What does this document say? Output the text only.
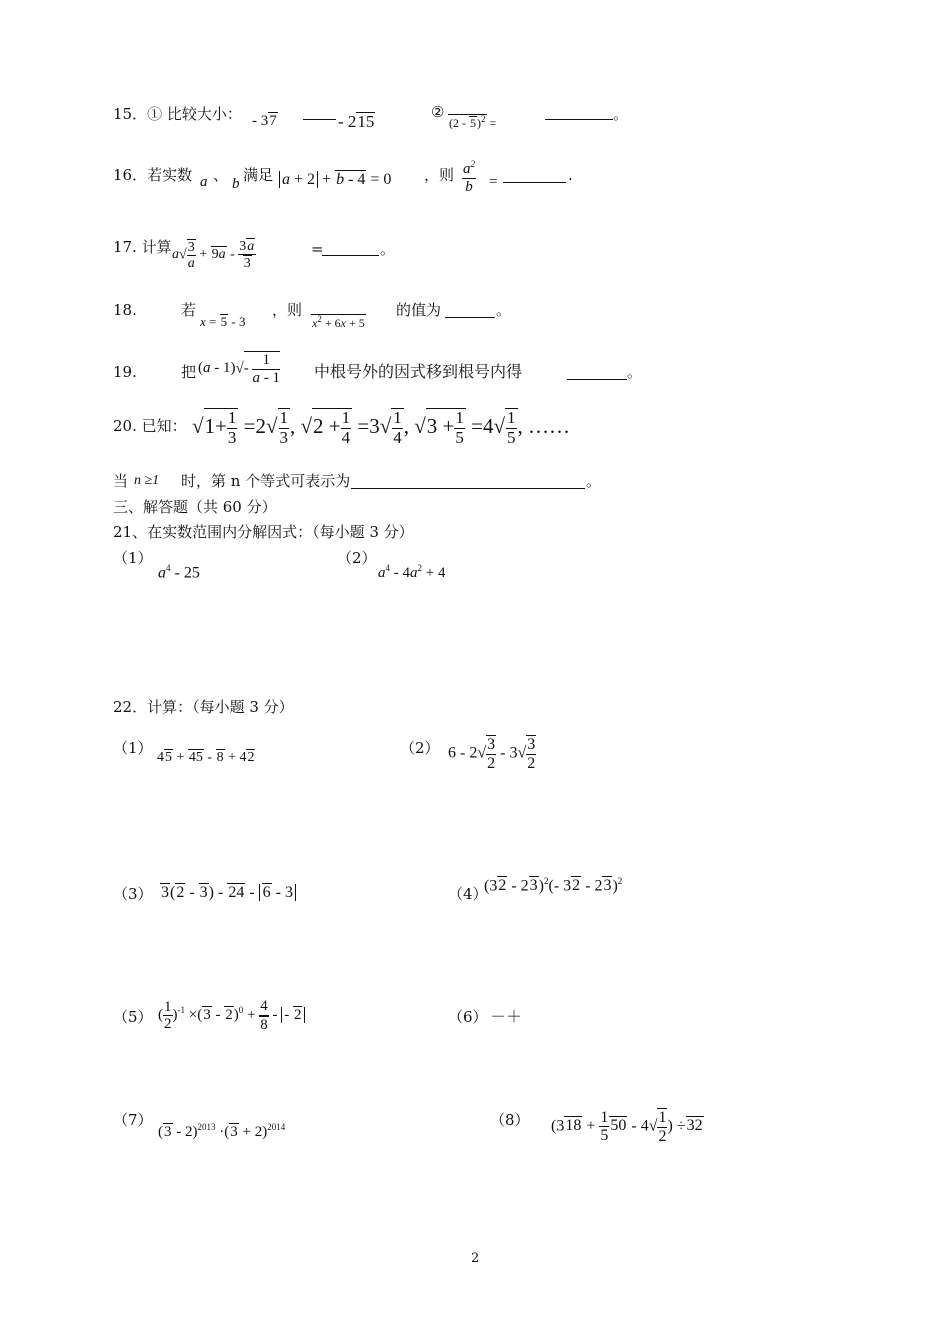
15．① 比较大小： - 37	- 215	②
(2 - 5)$^2$ =	。
16．若实数 a 、 b 满足 a + 2 + b - 4 = 0 ，则 $\frac{a^2}{b}$ =	.
17. 计算 $a√ \frac{3}{a} + 9a - \frac{3a}{3}$	=	。
18.	若
x = 5 - 3
，则
$x^2 + 6x + 5$
的值为	。
19.	把 $(a - 1)√- \frac{1}{a - 1}$ 中根号外的因式移到根号内得	。
20. 已知： $√1+ \frac{1}{3} =2√ \frac{1}{3}$ , $√2 + \frac{1}{4} =3√ \frac{1}{4}$ , $√3 + \frac{1}{5} =4√ \frac{1}{5}$ , ……
当 n ≥1 时，第 n 个等式可表示为	。
三、解答题（共 60 分）
21、在实数范围内分解因式：（每小题 3 分）
（1）
$a^4 - 25$
（2）
$a^4 - 4a^2 + 4$
22．计算：（每小题 3 分）
（1）
45 + 45 - 8 + 42
（2） $6 - 2√ \frac{3}{2} - 3√ \frac{3}{2}$
（3） 3(2 - 3) - 24 - 6 - 3	（4）
(32 - 23)$^2$(- 32 - 23)$^2$
（5） ( $\frac{1}{2} )^{-1} \times(3 - 2)^0 + \frac{4}{8}$ - - 2	（6） －＋
（7）
$(3 - 2)^{2013} \cdot(3 + 2)^{2014}$	（8） ($318 + \frac{1}{5} 50 - 4√ \frac{1}{2}$ ) ÷32
2
